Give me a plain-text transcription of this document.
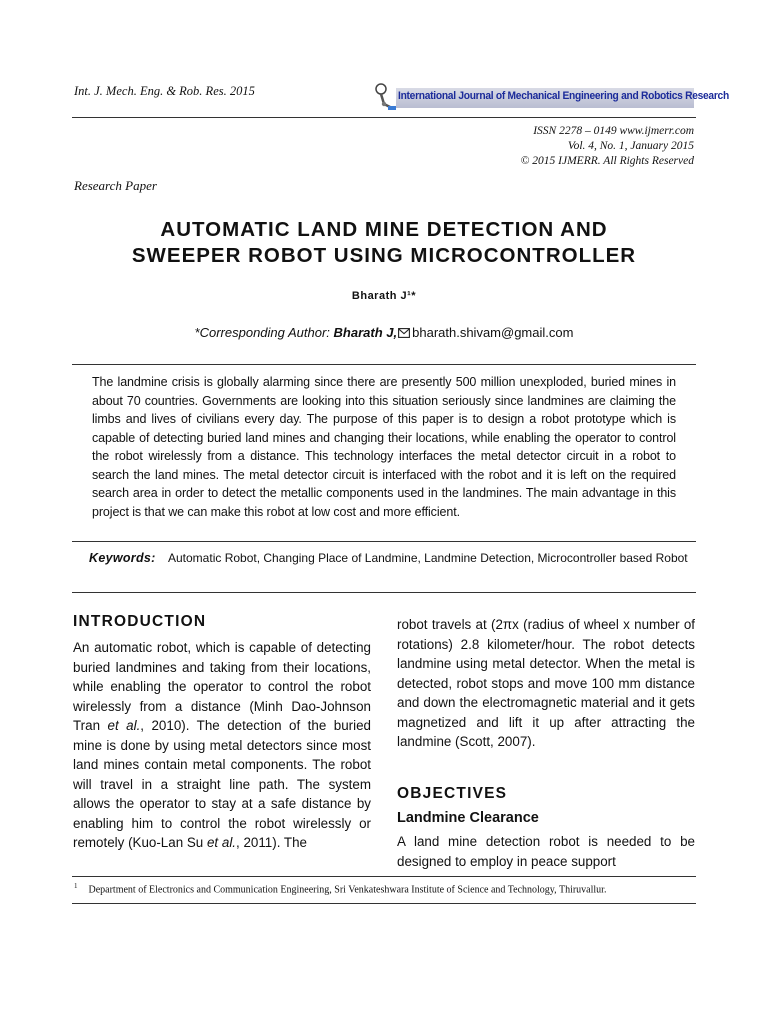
Int. J. Mech. Eng. & Rob. Res. 2015	International Journal of Mechanical Engineering and Robotics Research
ISSN 2278 – 0149 www.ijmerr.com
Vol. 4, No. 1, January 2015
© 2015 IJMERR. All Rights Reserved
Research Paper
AUTOMATIC LAND MINE DETECTION AND
SWEEPER ROBOT USING MICROCONTROLLER
Bharath J¹*
*Corresponding Author: Bharath J, bharath.shivam@gmail.com
The landmine crisis is globally alarming since there are presently 500 million unexploded, buried mines in about 70 countries. Governments are looking into this situation seriously since landmines are claiming the limbs and lives of civilians every day. The purpose of this paper is to design a robot prototype which is capable of detecting buried land mines and changing their locations, while enabling the operator to control the robot wirelessly from a distance. This technology interfaces the metal detector circuit in a robot to search the land mines. The metal detector circuit is interfaced with the robot and it is left on the required search area in order to detect the metallic components used in the landmines. The main advantage in this project is that we can make this robot at low cost and more efficient.
Keywords: Automatic Robot, Changing Place of Landmine, Landmine Detection, Microcontroller based Robot
INTRODUCTION
An automatic robot, which is capable of detecting buried landmines and taking from their locations, while enabling the operator to control the robot wirelessly from a distance (Minh Dao-Johnson Tran et al., 2010). The detection of the buried mine is done by using metal detectors since most land mines contain metal components. The robot will travel in a straight line path. The system allows the operator to stay at a safe distance by enabling him to control the robot wirelessly or remotely (Kuo-Lan Su et al., 2011). The
robot travels at (2πx (radius of wheel x number of rotations) 2.8 kilometer/hour. The robot detects landmine using metal detector. When the metal is detected, robot stops and move 100 mm distance and down the electromagnetic material and it gets magnetized and lift it up after attracting the landmine (Scott, 2007).
OBJECTIVES
Landmine Clearance
A land mine detection robot is needed to be designed to employ in peace support
$^1$ Department of Electronics and Communication Engineering, Sri Venkateshwara Institute of Science and Technology, Thiruvallur.
